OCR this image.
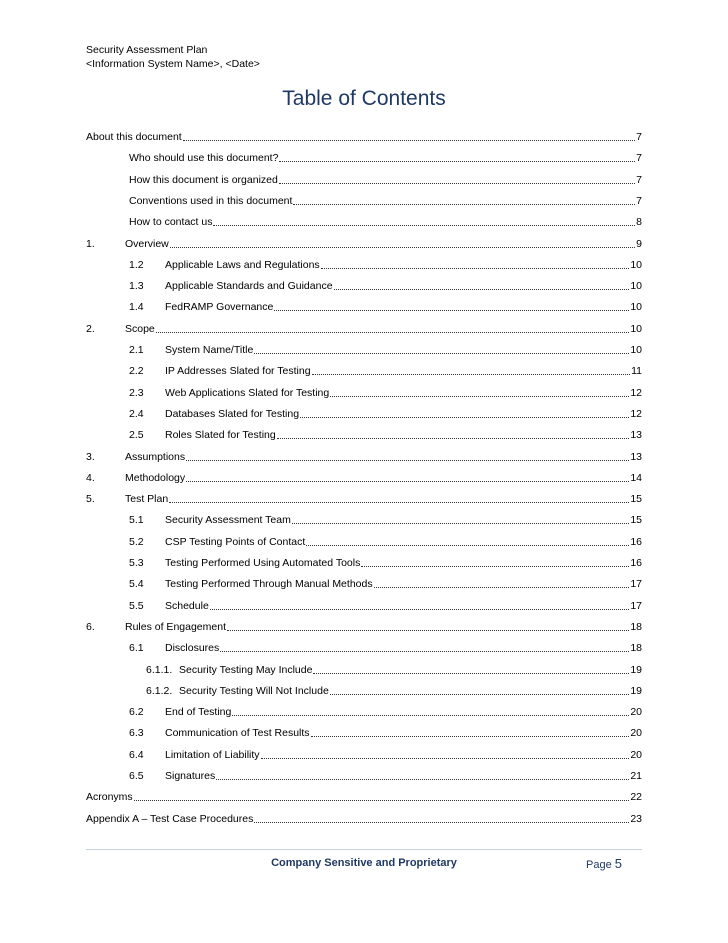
Security Assessment Plan
<Information System Name>, <Date>
Table of Contents
About this document	7
Who should use this document?	7
How this document is organized	7
Conventions used in this document	7
How to contact us	8
1.	Overview	9
1.2	Applicable Laws and Regulations	10
1.3	Applicable Standards and Guidance	10
1.4	FedRAMP Governance	10
2.	Scope	10
2.1	System Name/Title	10
2.2	IP Addresses Slated for Testing	11
2.3	Web Applications Slated for Testing	12
2.4	Databases Slated for Testing	12
2.5	Roles Slated for Testing	13
3.	Assumptions	13
4.	Methodology	14
5.	Test Plan	15
5.1	Security Assessment Team	15
5.2	CSP Testing Points of Contact	16
5.3	Testing Performed Using Automated Tools	16
5.4	Testing Performed Through Manual Methods	17
5.5	Schedule	17
6.	Rules of Engagement	18
6.1	Disclosures	18
6.1.1. Security Testing May Include	19
6.1.2. Security Testing Will Not Include	19
6.2	End of Testing	20
6.3	Communication of Test Results	20
6.4	Limitation of Liability	20
6.5	Signatures	21
Acronyms	22
Appendix A – Test Case Procedures	23
Company Sensitive and Proprietary	Page 5
